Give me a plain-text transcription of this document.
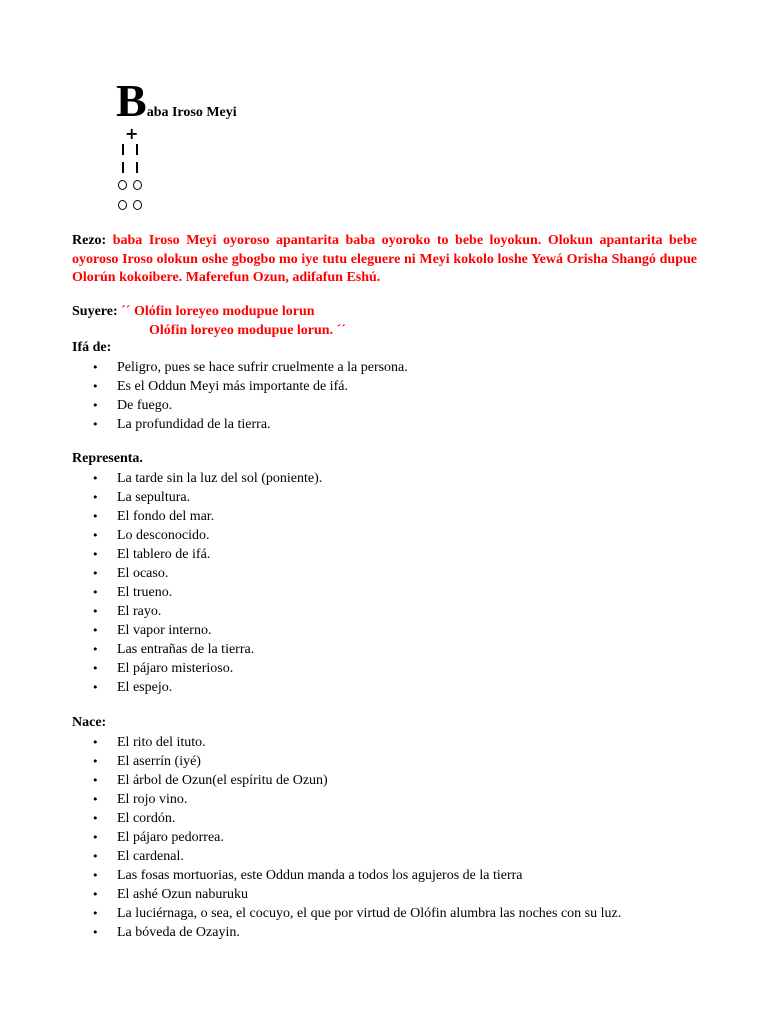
Baba Iroso Meyi
+
Rezo: baba Iroso Meyi oyoroso apantarita baba oyoroko to bebe loyokun. Olokun apantarita bebe oyoroso Iroso olokun oshe gbogbo mo iye tutu eleguere ni Meyi kokolo loshe Yewá Orisha Shangó dupue Olorún kokoibere. Maferefun Ozun, adifafun Eshú.
Suyere: ´´ Olófin loreyeo modupue lorun
Olófin loreyeo modupue lorun. ´´
Ifá de:
• Peligro, pues se hace sufrir cruelmente a la persona.
• Es el Oddun Meyi más importante de ifá.
• De fuego.
• La profundidad de la tierra.
Representa.
• La tarde sin la luz del sol (poniente).
• La sepultura.
• El fondo del mar.
• Lo desconocido.
• El tablero de ifá.
• El ocaso.
• El trueno.
• El rayo.
• El vapor interno.
• Las entrañas de la tierra.
• El pájaro misterioso.
• El espejo.
Nace:
• El rito del ituto.
• El aserrín (iyé)
• El árbol de Ozun(el espíritu de Ozun)
• El rojo vino.
• El cordón.
• El pájaro pedorrea.
• El cardenal.
• Las fosas mortuorias, este Oddun manda a todos los agujeros de la tierra
• El ashé Ozun naburuku
• La luciérnaga, o sea, el cocuyo, el que por virtud de Olófin alumbra las noches con su luz.
• La bóveda de Ozayin.
